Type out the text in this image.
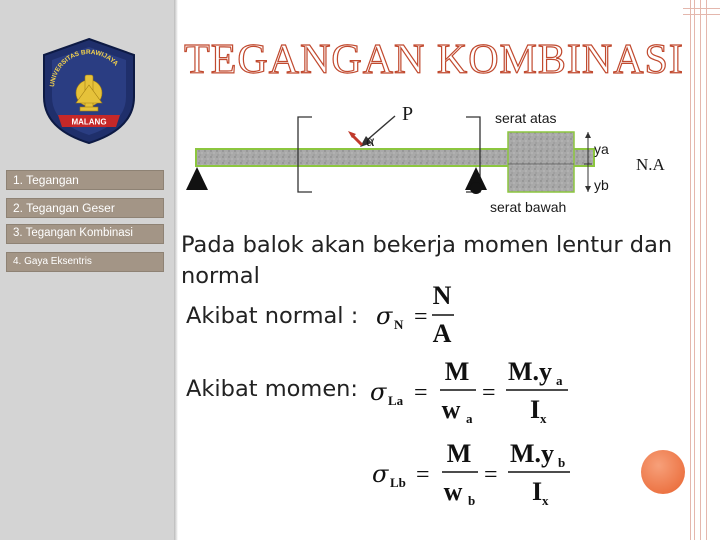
UNIVERSITAS BRAWIJAYA
MALANG
1. Tegangan
2. Tegangan Geser
3. Tegangan Kombinasi
4. Gaya Eksentris
TEGANGAN KOMBINASI
P
α
serat atas
serat bawah
ya
yb
N.A
Pada balok akan bekerja momen lentur dan
normal
Akibat normal :
Akibat momen:
σ N =
N
A
σ La =
M
w a
=
M.y a
I x
σ Lb =
M
w b
=
M.y b
I x
